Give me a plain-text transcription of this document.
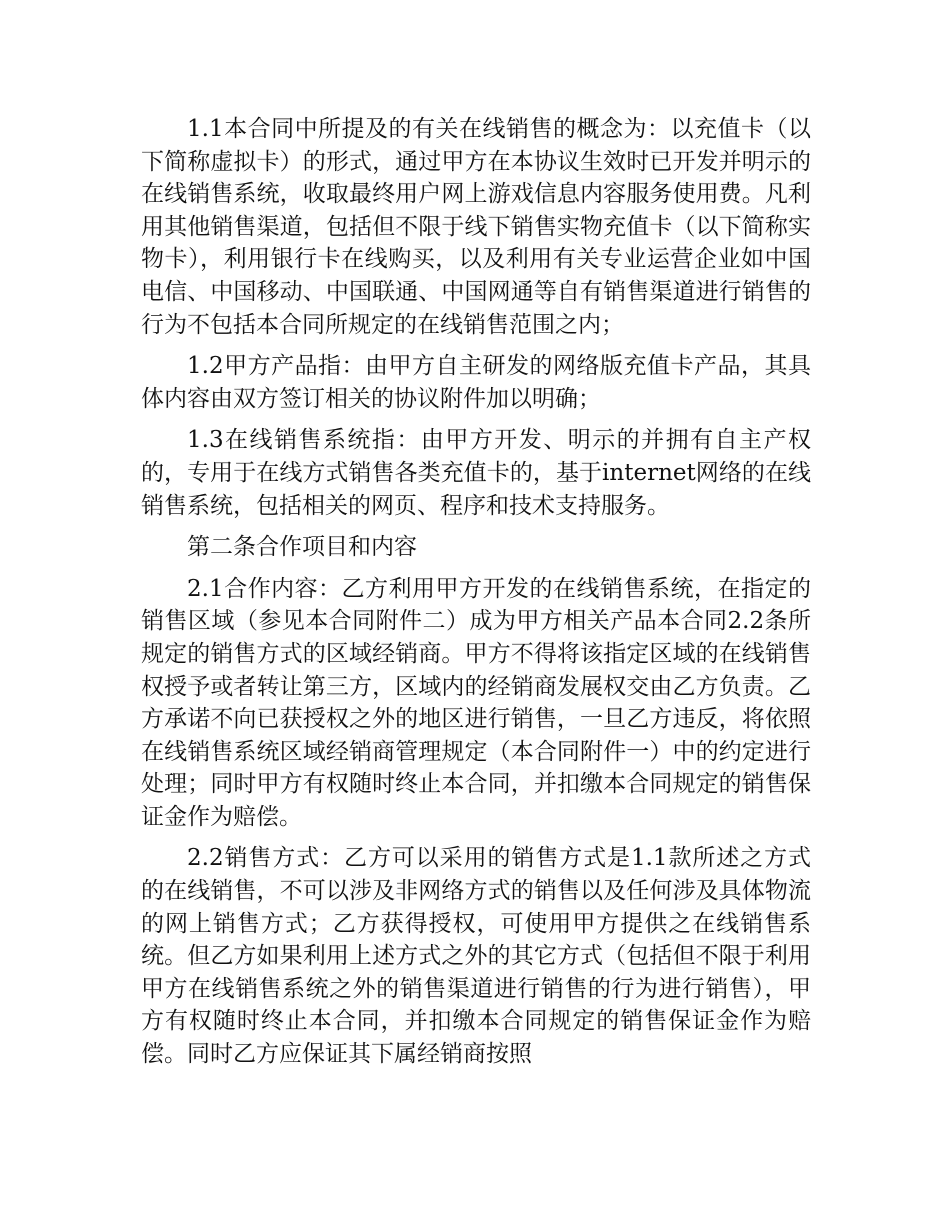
1.1本合同中所提及的有关在线销售的概念为：以充值卡（以下简称虚拟卡）的形式，通过甲方在本协议生效时已开发并明示的在线销售系统，收取最终用户网上游戏信息内容服务使用费。凡利用其他销售渠道，包括但不限于线下销售实物充值卡（以下简称实物卡），利用银行卡在线购买，以及利用有关专业运营企业如中国电信、中国移动、中国联通、中国网通等自有销售渠道进行销售的行为不包括本合同所规定的在线销售范围之内；

1.2甲方产品指：由甲方自主研发的网络版充值卡产品，其具体内容由双方签订相关的协议附件加以明确；

1.3在线销售系统指：由甲方开发、明示的并拥有自主产权的，专用于在线方式销售各类充值卡的，基于internet网络的在线销售系统，包括相关的网页、程序和技术支持服务。

第二条合作项目和内容

2.1合作内容：乙方利用甲方开发的在线销售系统，在指定的销售区域（参见本合同附件二）成为甲方相关产品本合同2.2条所规定的销售方式的区域经销商。甲方不得将该指定区域的在线销售权授予或者转让第三方，区域内的经销商发展权交由乙方负责。乙方承诺不向已获授权之外的地区进行销售，一旦乙方违反，将依照在线销售系统区域经销商管理规定（本合同附件一）中的约定进行处理；同时甲方有权随时终止本合同，并扣缴本合同规定的销售保证金作为赔偿。

2.2销售方式：乙方可以采用的销售方式是1.1款所述之方式的在线销售，不可以涉及非网络方式的销售以及任何涉及具体物流的网上销售方式；乙方获得授权，可使用甲方提供之在线销售系统。但乙方如果利用上述方式之外的其它方式（包括但不限于利用甲方在线销售系统之外的销售渠道进行销售的行为进行销售），甲方有权随时终止本合同，并扣缴本合同规定的销售保证金作为赔偿。同时乙方应保证其下属经销商按照
